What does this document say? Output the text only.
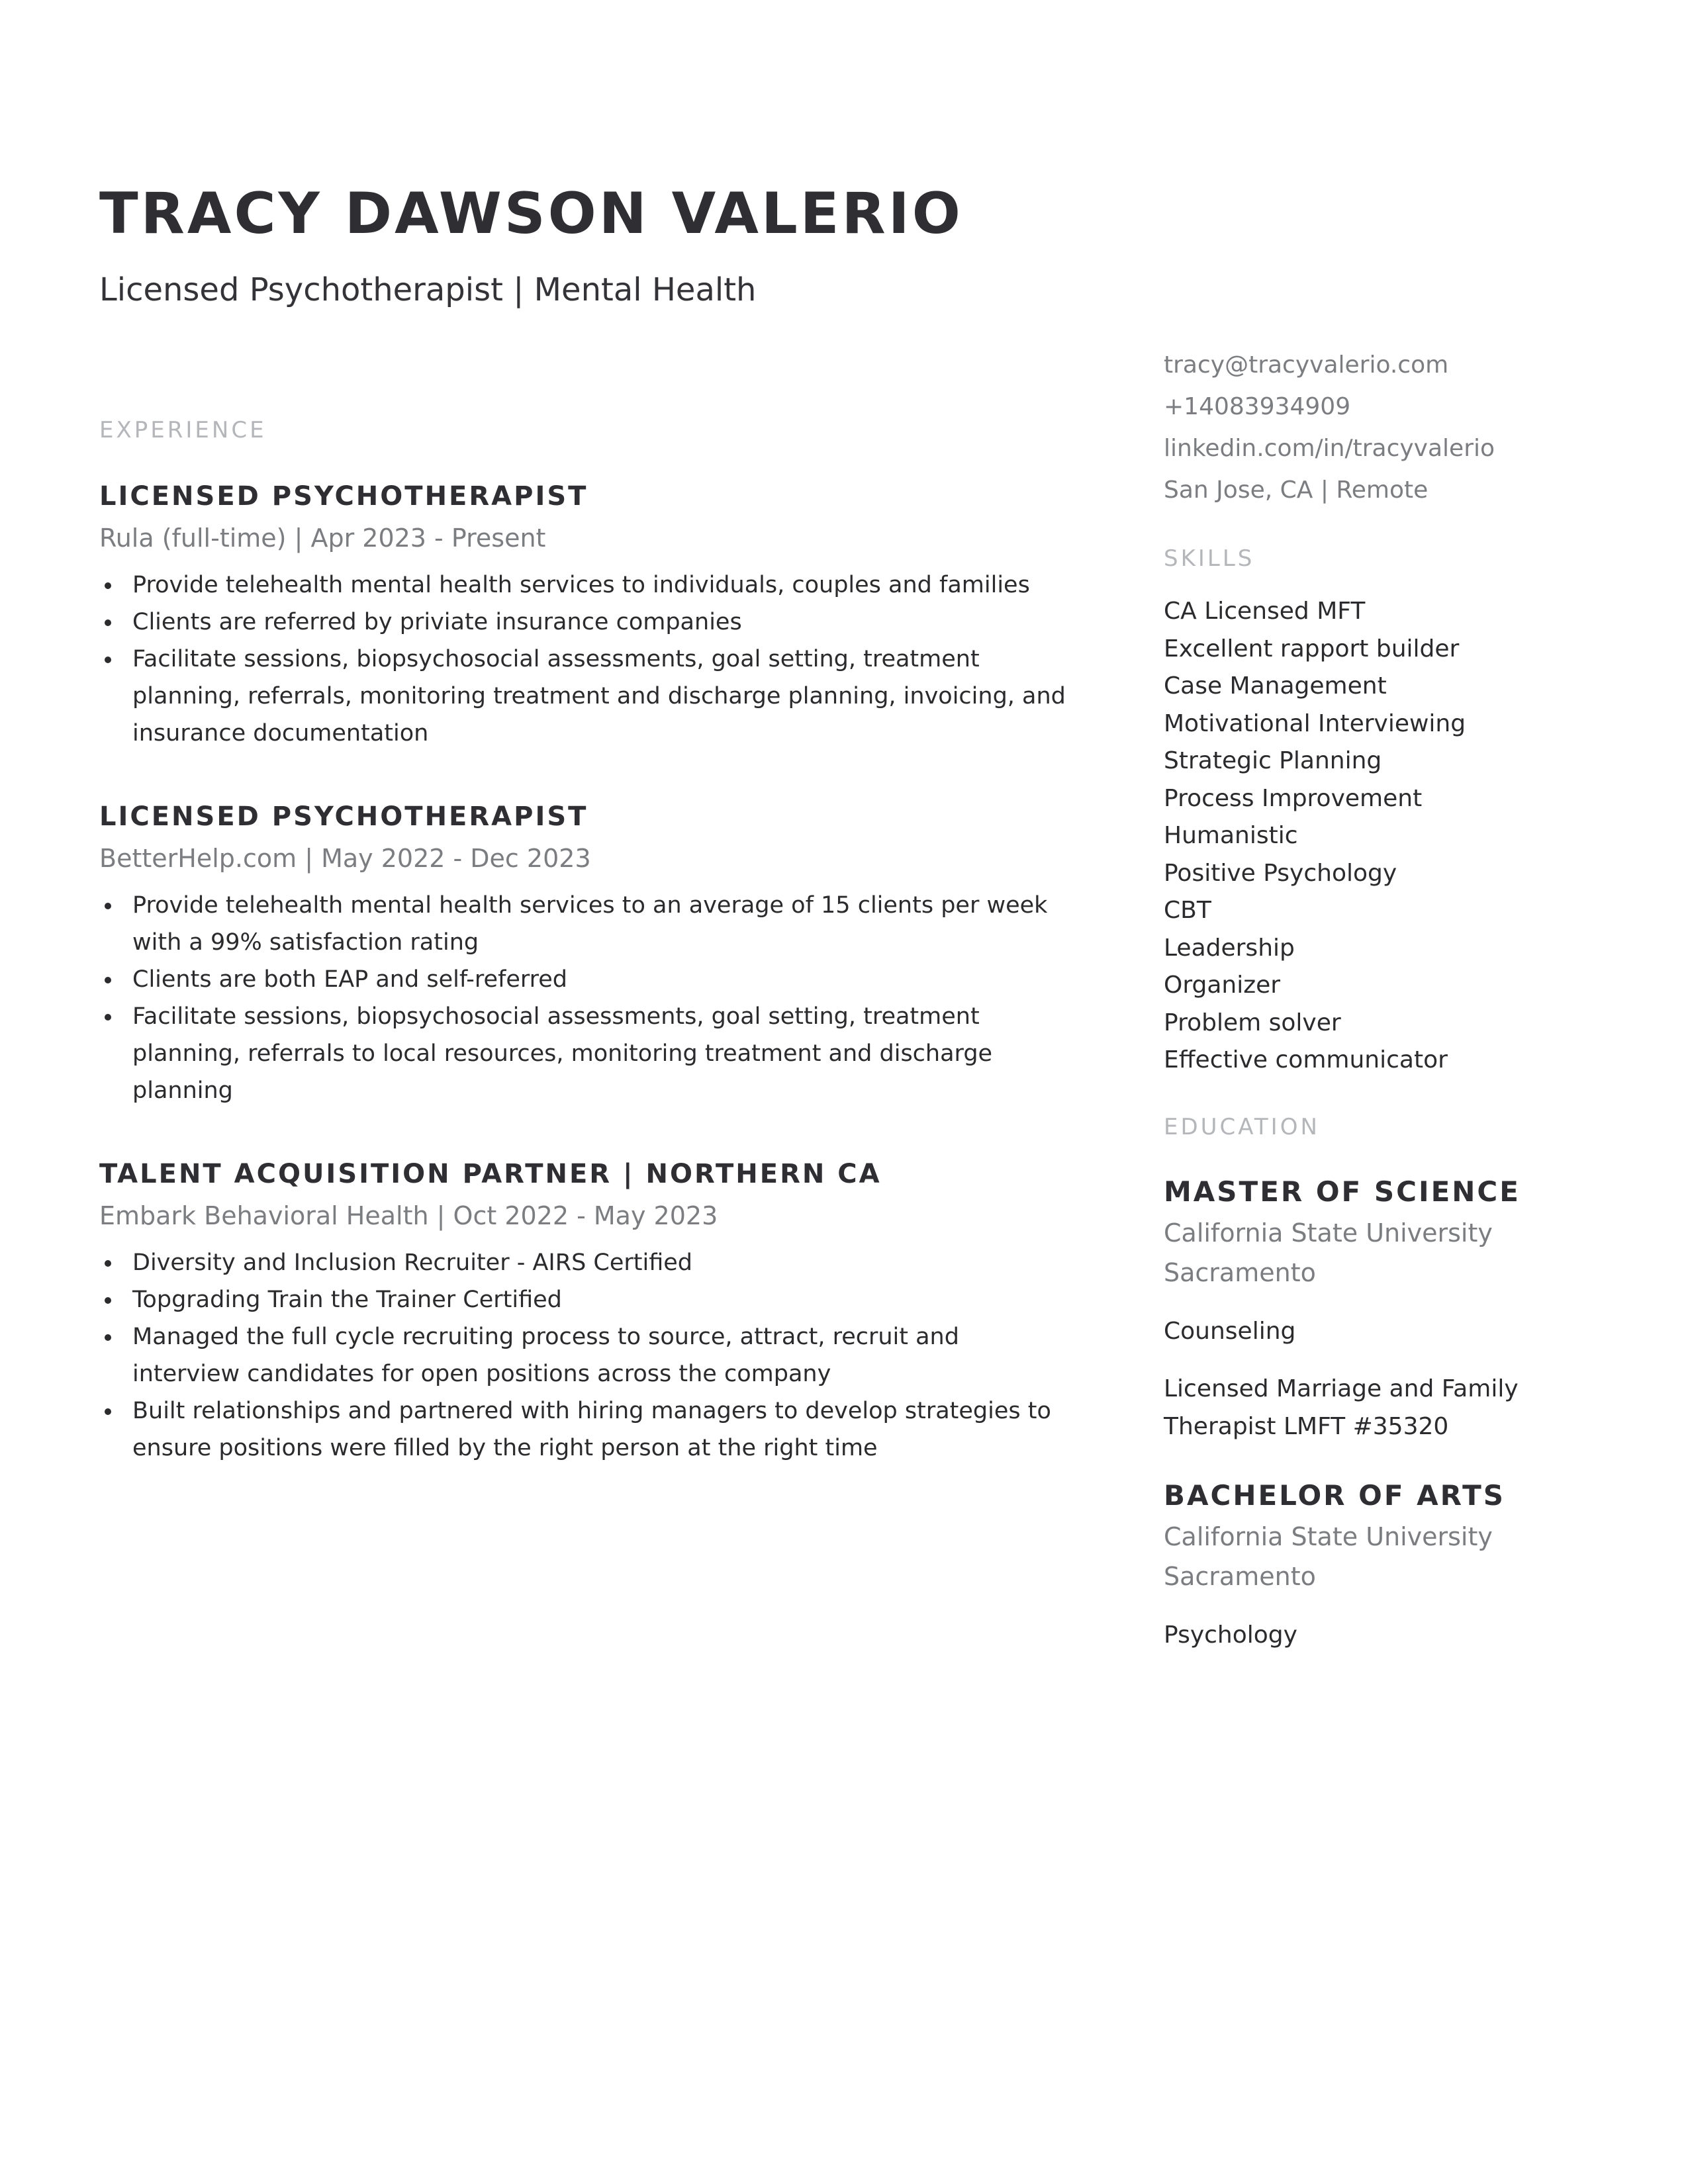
TRACY DAWSON VALERIO
Licensed Psychotherapist | Mental Health
EXPERIENCE
LICENSED PSYCHOTHERAPIST
Rula (full-time) | Apr 2023 - Present
Provide telehealth mental health services to individuals, couples and families
Clients are referred by priviate insurance companies
Facilitate sessions, biopsychosocial assessments, goal setting, treatment planning, referrals, monitoring treatment and discharge planning, invoicing, and insurance documentation
LICENSED PSYCHOTHERAPIST
BetterHelp.com | May 2022 - Dec 2023
Provide telehealth mental health services to an average of 15 clients per week with a 99% satisfaction rating
Clients are both EAP and self-referred
Facilitate sessions, biopsychosocial assessments, goal setting, treatment planning, referrals to local resources, monitoring treatment and discharge planning
TALENT ACQUISITION PARTNER | NORTHERN CA
Embark Behavioral Health | Oct 2022 - May 2023
Diversity and Inclusion Recruiter - AIRS Certified
Topgrading Train the Trainer Certified
Managed the full cycle recruiting process to source, attract, recruit and interview candidates for open positions across the company
Built relationships and partnered with hiring managers to develop strategies to ensure positions were filled by the right person at the right time
tracy@tracyvalerio.com
+14083934909
linkedin.com/in/tracyvalerio
San Jose, CA | Remote
SKILLS
CA Licensed MFT
Excellent rapport builder
Case Management
Motivational Interviewing
Strategic Planning
Process Improvement
Humanistic
Positive Psychology
CBT
Leadership
Organizer
Problem solver
Effective communicator
EDUCATION
MASTER OF SCIENCE
California State University Sacramento
Counseling
Licensed Marriage and Family Therapist LMFT #35320
BACHELOR OF ARTS
California State University Sacramento
Psychology
